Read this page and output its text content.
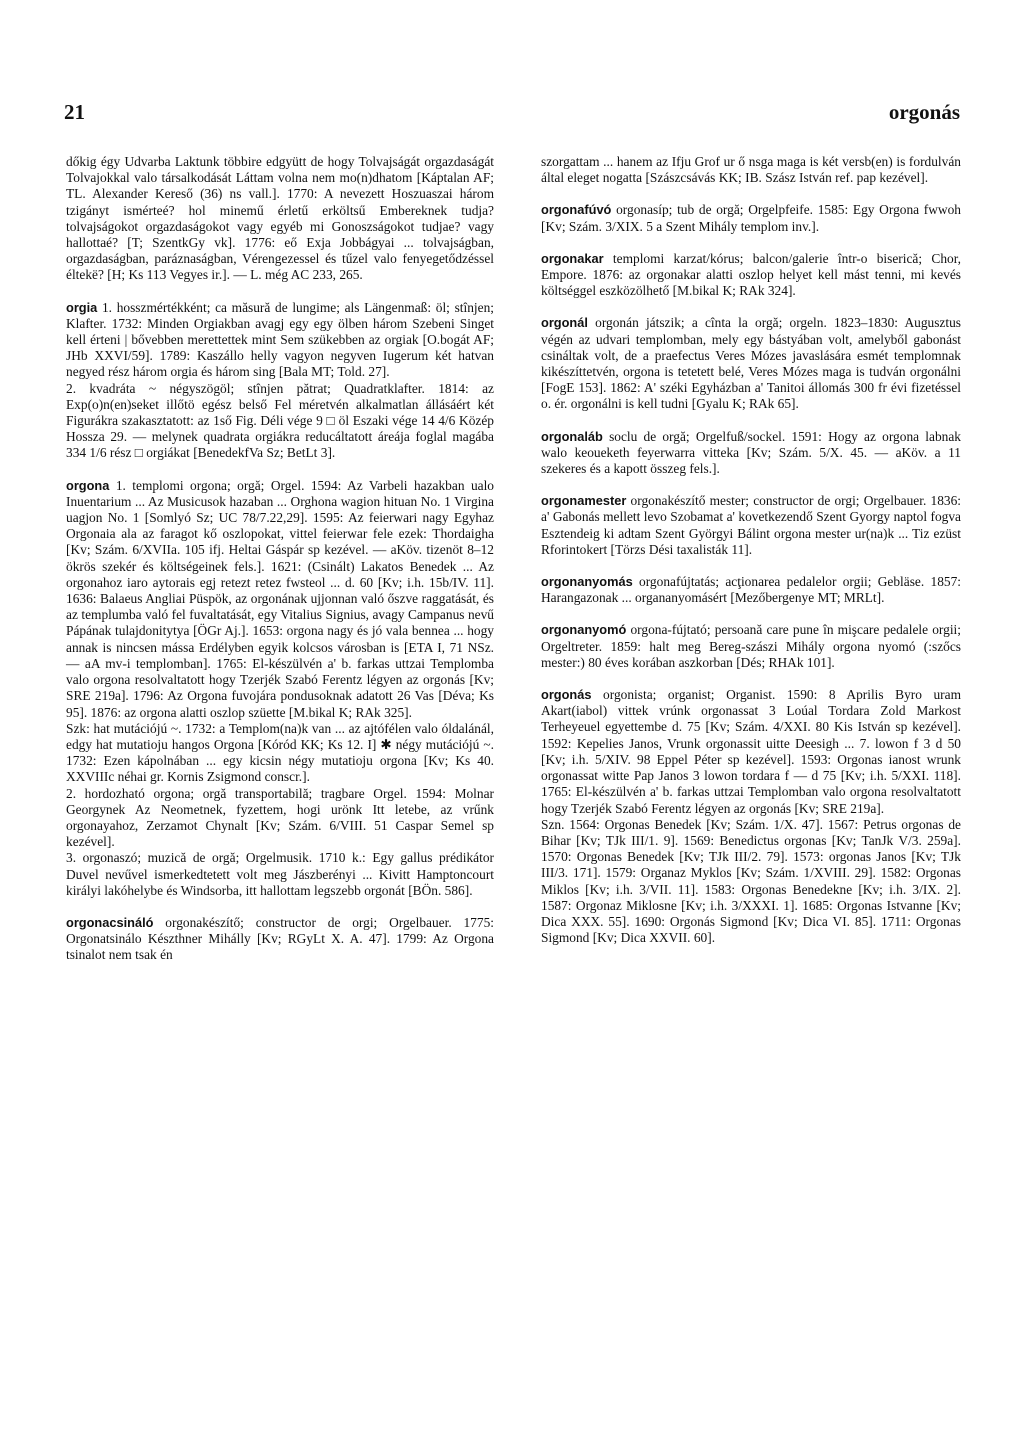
21	orgonás

dőkig égy Udvarba Laktunk többire edgyütt de hogy Tolvajságát orgazdaságát Tolvajokkal valo társalkodását Láttam volna nem mo(n)dhatom [Káptalan AF; TL. Alexander Kereső (36) ns vall.]. 1770: A nevezett Hoszuaszai három tzigányt ismérteé? hol minemű érletű erköltsű Embereknek tudja? tolvajságokot orgazdaságokot vagy egyéb mi Gonoszságokot tudjae? vagy hallottaé? [T; SzentkGy vk]. 1776: eő Exja Jobbágyai ... tolvajságban, orgazdaságban, paráznaságban, Vérengezessel és tűzel valo fenyegetődzéssel éltekë? [H; Ks 113 Vegyes ir.]. — L. még AC 233, 265.

orgia 1. hosszmértékként; ca măsură de lungime; als Längenmaß: öl; stînjen; Klafter. 1732: Minden Orgiakban avagj egy egy ölben három Szebeni Singet kell érteni | bővebben merettettek mint Sem szükebben az orgiak [O.bogát AF; JHb XXVI/59]. 1789: Kaszállo helly vagyon negyven Iugerum két hatvan negyed rész három orgia és három sing [Bala MT; Told. 27].

2. kvadráta ~ négyszögöl; stînjen pătrat; Quadratklafter. 1814: az Exp(o)n(en)seket illőtö egész belső Fel méretvén alkalmatlan állásáért két Figurákra szakasztatott: az 1ső Fig. Déli vége 9 □ öl Eszaki vége 14 4/6 Közép Hossza 29. — melynek quadrata orgiákra reducáltatott áreája foglal magába 334 1/6 rész □ orgiákat [BenedekfVa Sz; BetLt 3].

orgona 1. templomi orgona; orgă; Orgel. 1594: Az Varbeli hazakban ualo Inuentarium ... Az Musicusok hazaban ... Orghona wagion hituan No. 1 Virgina uagjon No. 1 [Somlyó Sz; UC 78/7.22,29]. 1595: Az feierwari nagy Egyhaz Orgonaia ala az faragot kő oszlopokat, vittel feierwar fele ezek: Thordaigha [Kv; Szám. 6/XVIIa. 105 ifj. Heltai Gáspár sp kezével. — aKöv. tizenöt 8–12 ökrös szekér és költségeinek fels.]. 1621: (Csinált) Lakatos Benedek ... Az orgonahoz iaro aytorais egj retezt retez fwsteol ... d. 60 [Kv; i.h. 15b/IV. 11]. 1636: Balaeus Angliai Püspök, az orgonának ujjonnan való őszve raggatását, és az templumba való fel fuvaltatását, egy Vitalius Signius, avagy Campanus nevű Pápának tulajdonitytya [ÖGr Aj.]. 1653: orgona nagy és jó vala bennea ... hogy annak is nincsen mássa Erdélyben egyik kolcsos városban is [ETA I, 71 NSz. — aA mv-i templomban]. 1765: El-készülvén a' b. farkas uttzai Templomba valo orgona resolvaltatott hogy Tzerjék Szabó Ferentz légyen az orgonás [Kv; SRE 219a]. 1796: Az Orgona fuvojára pondusoknak adatott 26 Vas [Déva; Ks 95]. 1876: az orgona alatti oszlop szüette [M.bikal K; RAk 325].

Szk: hat mutációjú ~. 1732: a Templom(na)k van ... az ajtófélen valo óldalánál, edgy hat mutatioju hangos Orgona [Kóród KK; Ks 12. I] ✱ négy mutációjú ~. 1732: Ezen kápolnában ... egy kicsin négy mutatioju orgona [Kv; Ks 40. XXVIIIc néhai gr. Kornis Zsigmond conscr.].

2. hordozható orgona; orgă transportabilă; tragbare Orgel. 1594: Molnar Georgynek Az Neometnek, fyzettem, hogi urönk Itt letebe, az vrűnk orgonayahoz, Zerzamot Chynalt [Kv; Szám. 6/VIII. 51 Caspar Semel sp kezével].

3. orgonaszó; muzică de orgă; Orgelmusik. 1710 k.: Egy gallus prédikátor Duvel nevűvel ismerkedtetett volt meg Jászberényi ... Kivitt Hamptoncourt királyi lakóhelybe és Windsorba, itt hallottam legszebb orgonát [BÖn. 586].

orgonacsináló orgonakészítő; constructor de orgi; Orgelbauer. 1775: Orgonatsinálo Készthner Mihálly [Kv; RGyLt X. A. 47]. 1799: Az Orgona tsinalot nem tsak én

szorgattam ... hanem az Ifju Grof ur ő nsga maga is két versb(en) is fordulván által eleget nogatta [Szászcsávás KK; IB. Szász István ref. pap kezével].

orgonafúvó orgonasíp; tub de orgă; Orgelpfeife. 1585: Egy Orgona fwwoh [Kv; Szám. 3/XIX. 5 a Szent Mihály templom inv.].

orgonakar templomi karzat/kórus; balcon/galerie într-o biserică; Chor, Empore. 1876: az orgonakar alatti oszlop helyet kell mást tenni, mi kevés költséggel eszközölhető [M.bikal K; RAk 324].

orgonál orgonán játszik; a cînta la orgă; orgeln. 1823–1830: Augusztus végén az udvari templomban, mely egy bástyában volt, amelyből gabonást csináltak volt, de a praefectus Veres Mózes javaslására esmét templomnak kikészíttetvén, orgona is tetetett belé, Veres Mózes maga is tudván orgonálni [FogE 153]. 1862: A' széki Egyházban a' Tanitoi állomás 300 fr évi fizetéssel o. ér. orgonálni is kell tudni [Gyalu K; RAk 65].

orgonaláb soclu de orgă; Orgelfuß/sockel. 1591: Hogy az orgona labnak walo keoueketh feyerwarra vitteka [Kv; Szám. 5/X. 45. — aKöv. a 11 szekeres és a kapott összeg fels.].

orgonamester orgonakészítő mester; constructor de orgi; Orgelbauer. 1836: a' Gabonás mellett levo Szobamat a' kovetkezendő Szent Gyorgy naptol fogva Esztendeig ki adtam Szent Györgyi Bálint orgona mester ur(na)k ... Tiz ezüst Rforintokert [Törzs Dési taxalisták 11].

orgonanyomás orgonafújtatás; acţionarea pedalelor orgii; Gebläse. 1857: Harangazonak ... organanyomásért [Mezőbergenye MT; MRLt].

orgonanyomó orgona-fújtató; persoană care pune în mişcare pedalele orgii; Orgeltreter. 1859: halt meg Bereg-szászi Mihály orgona nyomó (:szőcs mester:) 80 éves korában aszkorban [Dés; RHAk 101].

orgonás orgonista; organist; Organist. 1590: 8 Aprilis Byro uram Akart(iabol) vittek vrúnk orgonassat 3 Loúal Tordara Zold Markost Terheyeuel egyettembe d. 75 [Kv; Szám. 4/XXI. 80 Kis István sp kezével]. 1592: Kepelies Janos, Vrunk orgonassit uitte Deesigh ... 7. lowon f 3 d 50 [Kv; i.h. 5/XIV. 98 Eppel Péter sp kezével]. 1593: Orgonas ianost wrunk orgonassat witte Pap Janos 3 lowon tordara f — d 75 [Kv; i.h. 5/XXI. 118]. 1765: El-készülvén a' b. farkas uttzai Templomban valo orgona resolvaltatott hogy Tzerjék Szabó Ferentz légyen az orgonás [Kv; SRE 219a].

Szn. 1564: Orgonas Benedek [Kv; Szám. 1/X. 47]. 1567: Petrus orgonas de Bihar [Kv; TJk III/1. 9]. 1569: Benedictus orgonas [Kv; TanJk V/3. 259a]. 1570: Orgonas Benedek [Kv; TJk III/2. 79]. 1573: orgonas Janos [Kv; TJk III/3. 171]. 1579: Organaz Myklos [Kv; Szám. 1/XVIII. 29]. 1582: Orgonas Miklos [Kv; i.h. 3/VII. 11]. 1583: Orgonas Benedekne [Kv; i.h. 3/IX. 2]. 1587: Orgonaz Miklosne [Kv; i.h. 3/XXXI. 1]. 1685: Orgonas Istvanne [Kv; Dica XXX. 55]. 1690: Orgonás Sigmond [Kv; Dica VI. 85]. 1711: Orgonas Sigmond [Kv; Dica XXVII. 60].
